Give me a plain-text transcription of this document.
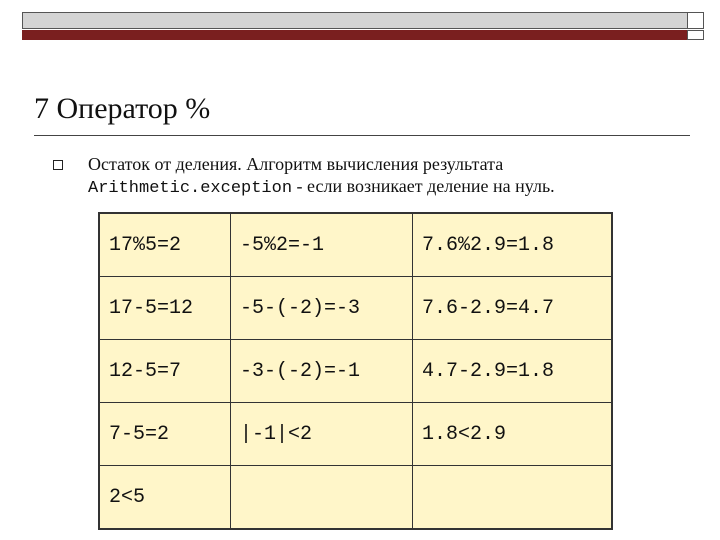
7 Оператор %
Остаток от деления. Алгоритм вычисления результата
Arithmetic.exception - если возникает деление на нуль.
17%5=2	-5%2=-1	7.6%2.9=1.8
17-5=12	-5-(-2)=-3	7.6-2.9=4.7
12-5=7	-3-(-2)=-1	4.7-2.9=1.8
7-5=2	|-1|<2	1.8<2.9
2<5		
